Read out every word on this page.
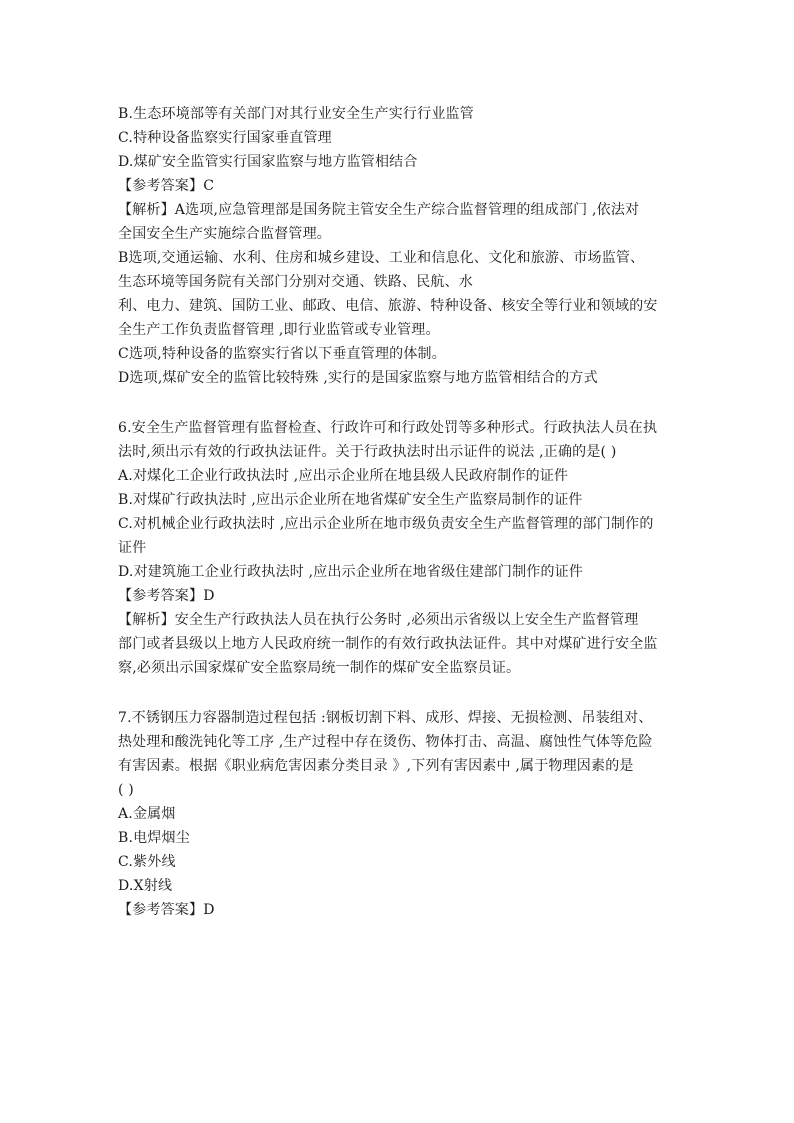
B.生态环境部等有关部门对其行业安全生产实行行业监管
C.特种设备监察实行国家垂直管理
D.煤矿安全监管实行国家监察与地方监管相结合
【参考答案】C
【解析】A选项,应急管理部是国务院主管安全生产综合监督管理的组成部门 ,依法对
全国安全生产实施综合监督管理。
B选项,交通运输、水利、住房和城乡建设、工业和信息化、文化和旅游、市场监管、
生态环境等国务院有关部门分别对交通、铁路、民航、水
利、电力、建筑、国防工业、邮政、电信、旅游、特种设备、核安全等行业和领域的安
全生产工作负责监督管理 ,即行业监管或专业管理。
C选项,特种设备的监察实行省以下垂直管理的体制。
D选项,煤矿安全的监管比较特殊 ,实行的是国家监察与地方监管相结合的方式
6.安全生产监督管理有监督检查、行政许可和行政处罚等多种形式。行政执法人员在执
法时,须出示有效的行政执法证件。关于行政执法时出示证件的说法 ,正确的是( )
A.对煤化工企业行政执法时 ,应出示企业所在地县级人民政府制作的证件
B.对煤矿行政执法时 ,应出示企业所在地省煤矿安全生产监察局制作的证件
C.对机械企业行政执法时 ,应出示企业所在地市级负责安全生产监督管理的部门制作的
证件
D.对建筑施工企业行政执法时 ,应出示企业所在地省级住建部门制作的证件
【参考答案】D
【解析】安全生产行政执法人员在执行公务时 ,必须出示省级以上安全生产监督管理
部门或者县级以上地方人民政府统一制作的有效行政执法证件。其中对煤矿进行安全监
察,必须出示国家煤矿安全监察局统一制作的煤矿安全监察员证。
7.不锈钢压力容器制造过程包括 :钢板切割下料、成形、焊接、无损检测、吊装组对、
热处理和酸洗钝化等工序 ,生产过程中存在烫伤、物体打击、高温、腐蚀性气体等危险
有害因素。根据《职业病危害因素分类目录 》,下列有害因素中 ,属于物理因素的是
( )
A.金属烟
B.电焊烟尘
C.紫外线
D.X射线
【参考答案】D
